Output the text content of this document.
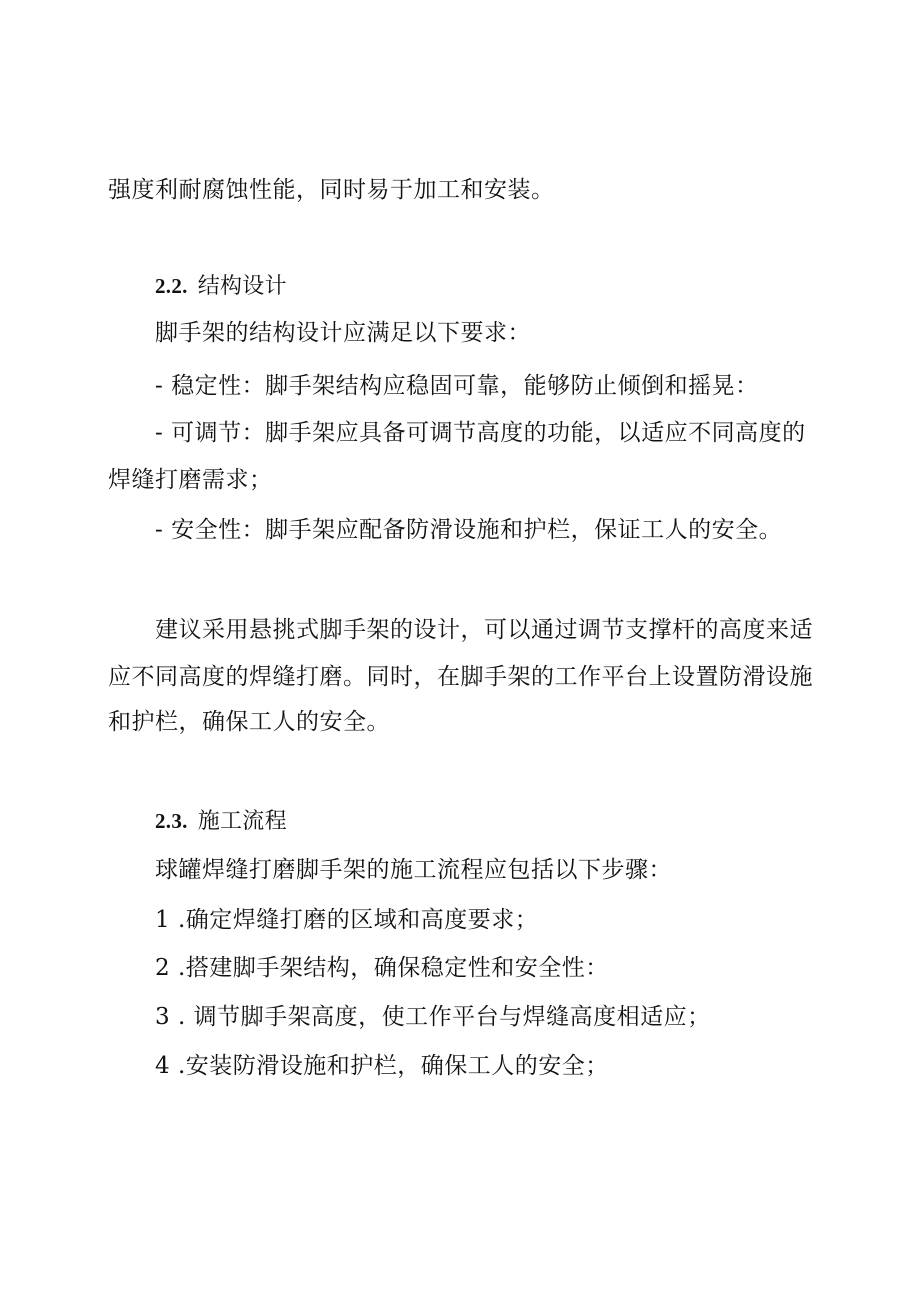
强度利耐腐蚀性能，同时易于加工和安装。
2.2. 结构设计
脚手架的结构设计应满足以下要求：
- 稳定性：脚手架结构应稳固可靠，能够防止倾倒和摇晃：
- 可调节：脚手架应具备可调节高度的功能，以适应不同高度的
焊缝打磨需求；
- 安全性：脚手架应配备防滑设施和护栏，保证工人的安全。
建议采用悬挑式脚手架的设计，可以通过调节支撑杆的高度来适
应不同高度的焊缝打磨。同时，在脚手架的工作平台上设置防滑设施
和护栏，确保工人的安全。
2.3. 施工流程
球罐焊缝打磨脚手架的施工流程应包括以下步骤：
1 .确定焊缝打磨的区域和高度要求；
2 .搭建脚手架结构，确保稳定性和安全性：
3 . 调节脚手架高度，使工作平台与焊缝高度相适应；
4 .安装防滑设施和护栏，确保工人的安全；
